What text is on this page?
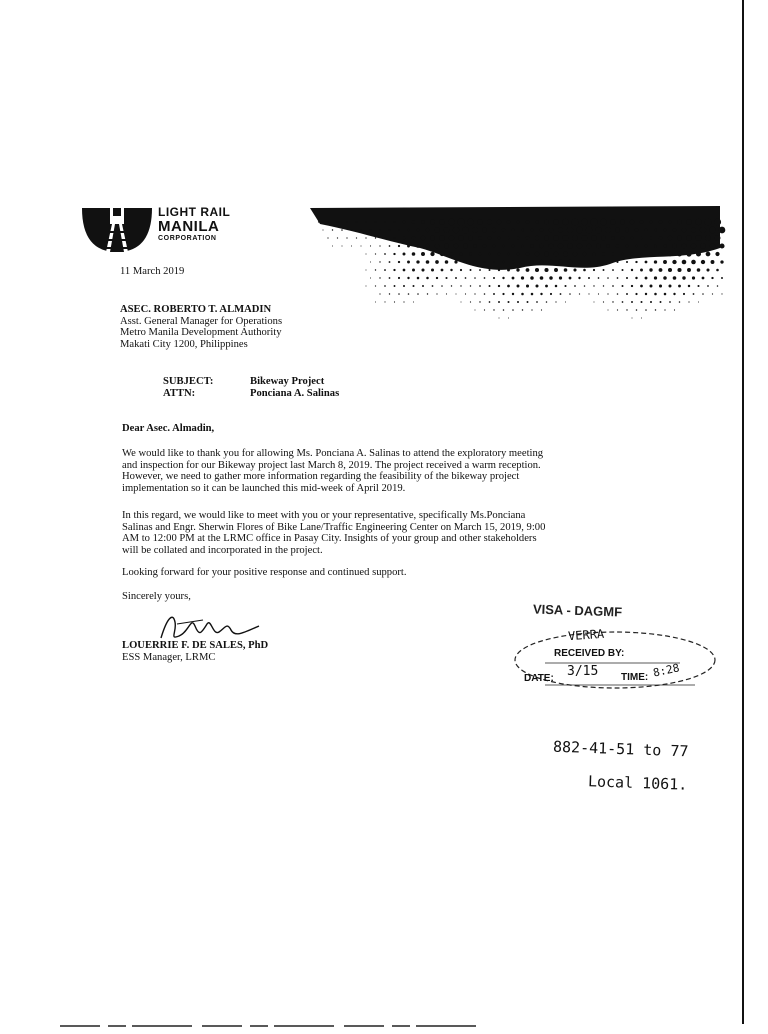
LIGHT RAIL
MANILA
CORPORATION
11 March 2019
ASEC. ROBERTO T. ALMADIN
Asst. General Manager for Operations
Metro Manila Development Authority
Makati City 1200, Philippines
SUBJECT:	Bikeway Project
ATTN:	Ponciana A. Salinas
Dear Asec. Almadin,
We would like to thank you for allowing Ms. Ponciana A. Salinas to attend the exploratory meeting
and inspection for our Bikeway project last March 8, 2019. The project received a warm reception.
However, we need to gather more information regarding the feasibility of the bikeway project
implementation so it can be launched this mid-week of April 2019.
In this regard, we would like to meet with you or your representative, specifically Ms.Ponciana
Salinas and Engr. Sherwin Flores of Bike Lane/Traffic Engineering Center on March 15, 2019, 9:00
AM to 12:00 PM at the LRMC office in Pasay City. Insights of your group and other stakeholders
will be collated and incorporated in the project.
Looking forward for your positive response and continued support.
Sincerely yours,
LOUERRIE F. DE SALES, PhD
ESS Manager, LRMC
VISA - DAGMF
VERRA
RECEIVED BY:
DATE: 3/15 TIME: 8:28
882-41-51 to 77
Local 1061.
